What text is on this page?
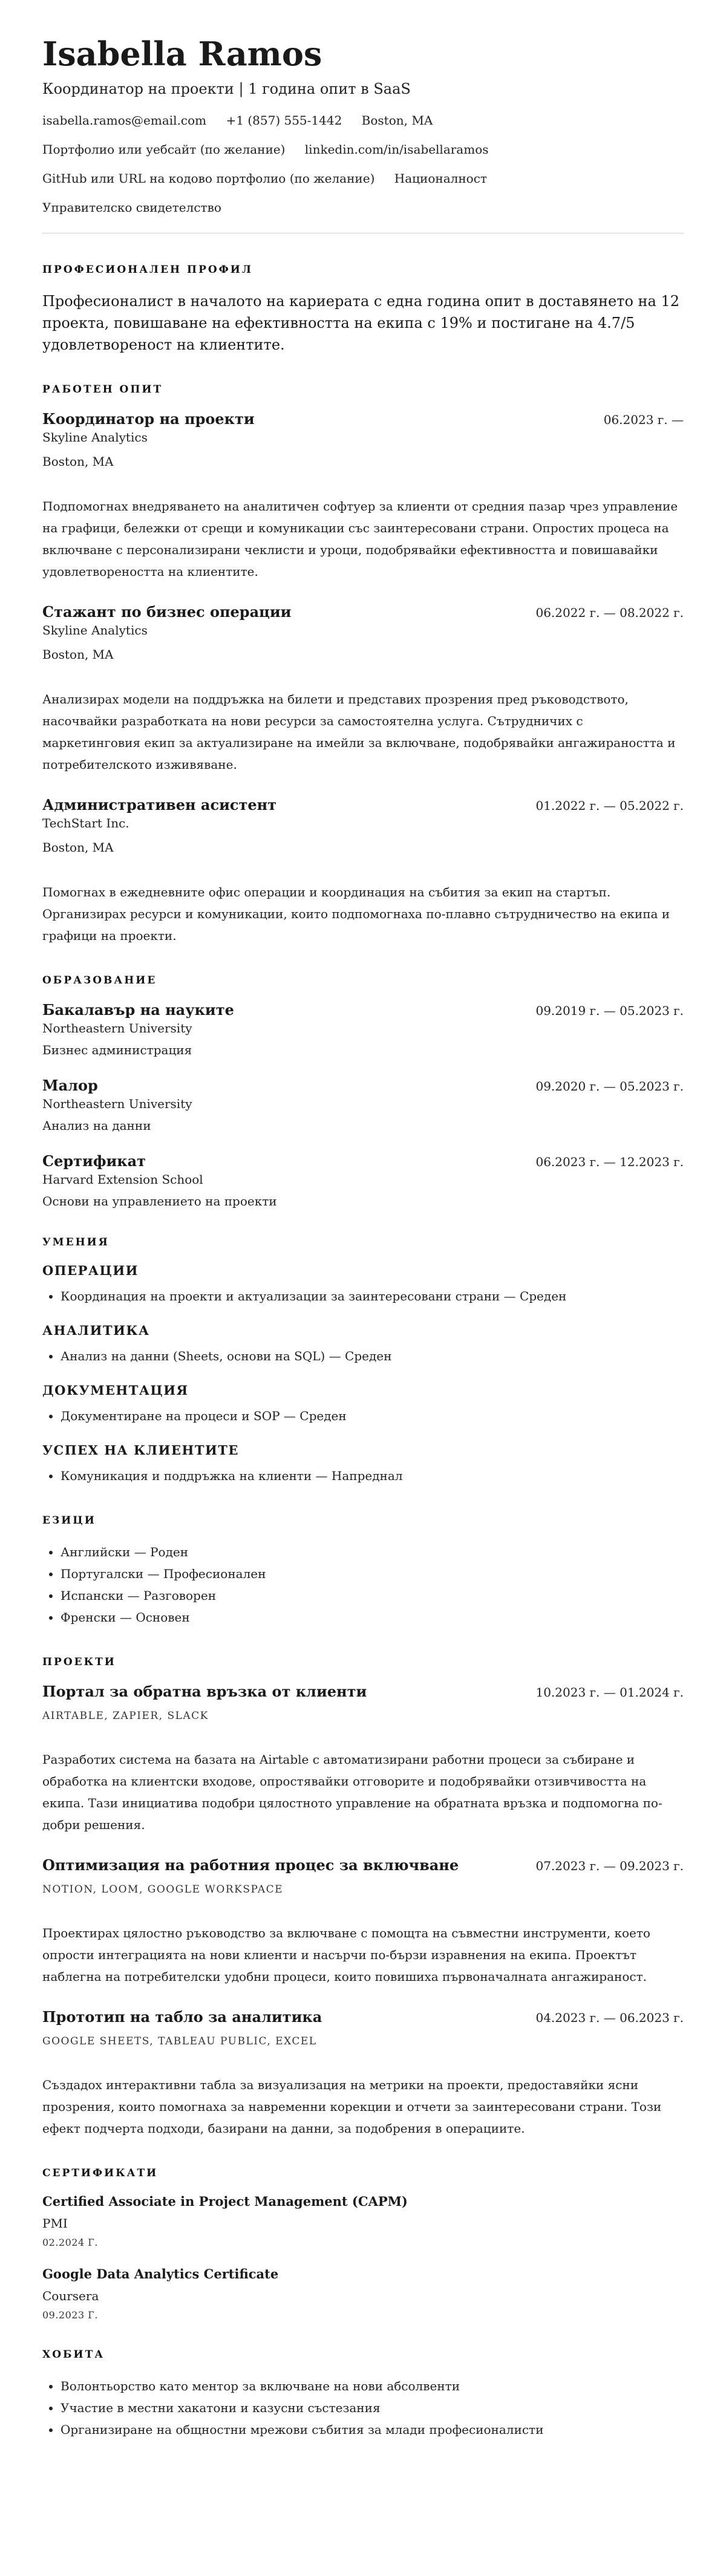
Isabella Ramos
Координатор на проекти | 1 година опит в SaaS
isabella.ramos@email.com +1 (857) 555-1442 Boston, MA
Портфолио или уебсайт (по желание) linkedin.com/in/isabellaramos
GitHub или URL на кодово портфолио (по желание) Националност
Управителско свидетелство
ПРОФЕСИОНАЛЕН ПРОФИЛ

Професионалист в началото на кариерата с една година опит в доставянето на 12 проекта, повишаване на ефективността на екипа с 19% и постигане на 4.7/5 удовлетвореност на клиентите.

РАБОТЕН ОПИТ
Координатор на проекти	06.2023 г. —
Skyline Analytics
Boston, MA
Подпомогнах внедряването на аналитичен софтуер за клиенти от средния пазар чрез управление на графици, бележки от срещи и комуникации със заинтересовани страни. Опростих процеса на включване с персонализирани чеклисти и уроци, подобрявайки ефективността и повишавайки удовлетвореността на клиентите.
Стажант по бизнес операции	06.2022 г. — 08.2022 г.
Skyline Analytics
Boston, MA
Анализирах модели на поддръжка на билети и представих прозрения пред ръководството, насочвайки разработката на нови ресурси за самостоятелна услуга. Сътрудничих с маркетинговия екип за актуализиране на имейли за включване, подобрявайки ангажираността и потребителското изживяване.
Административен асистент	01.2022 г. — 05.2022 г.
TechStart Inc.
Boston, MA
Помогнах в ежедневните офис операции и координация на събития за екип на стартъп. Организирах ресурси и комуникации, които подпомогнаха по-плавно сътрудничество на екипа и графици на проекти.
ОБРАЗОВАНИЕ
Бакалавър на науките	09.2019 г. — 05.2023 г.
Northeastern University
Бизнес администрация
Малор	09.2020 г. — 05.2023 г.
Northeastern University
Анализ на данни
Сертификат	06.2023 г. — 12.2023 г.
Harvard Extension School
Основи на управлението на проекти
УМЕНИЯ
ОПЕРАЦИИ
• Координация на проекти и актуализации за заинтересовани страни — Среден
АНАЛИТИКА
• Анализ на данни (Sheets, основи на SQL) — Среден
ДОКУМЕНТАЦИЯ
• Документиране на процеси и SOP — Среден
УСПЕХ НА КЛИЕНТИТЕ
• Комуникация и поддръжка на клиенти — Напреднал
ЕЗИЦИ
• Английски — Роден
• Португалски — Професионален
• Испански — Разговорен
• Френски — Основен
ПРОЕКТИ
Портал за обратна връзка от клиенти	10.2023 г. — 01.2024 г.
AIRTABLE, ZAPIER, SLACK
Разработих система на базата на Airtable с автоматизирани работни процеси за събиране и обработка на клиентски входове, опростявайки отговорите и подобрявайки отзивчивостта на екипа. Тази инициатива подобри цялостното управление на обратната връзка и подпомогна по-добри решения.
Оптимизация на работния процес за включване	07.2023 г. — 09.2023 г.
NOTION, LOOM, GOOGLE WORKSPACE
Проектирах цялостно ръководство за включване с помощта на съвместни инструменти, което опрости интеграцията на нови клиенти и насърчи по-бързи изравнения на екипа. Проектът наблегна на потребителски удобни процеси, които повишиха първоначалната ангажираност.
Прототип на табло за аналитика	04.2023 г. — 06.2023 г.
GOOGLE SHEETS, TABLEAU PUBLIC, EXCEL
Създадох интерактивни табла за визуализация на метрики на проекти, предоставяйки ясни прозрения, които помогнаха за навременни корекции и отчети за заинтересовани страни. Този ефект подчерта подходи, базирани на данни, за подобрения в операциите.
СЕРТИФИКАТИ
Certified Associate in Project Management (CAPM)
PMI
02.2024 Г.
Google Data Analytics Certificate
Coursera
09.2023 Г.
ХОБИТА
• Волонтьорство като ментор за включване на нови абсолвенти
• Участие в местни хакатони и казусни състезания
• Организиране на общностни мрежови събития за млади професионалисти
